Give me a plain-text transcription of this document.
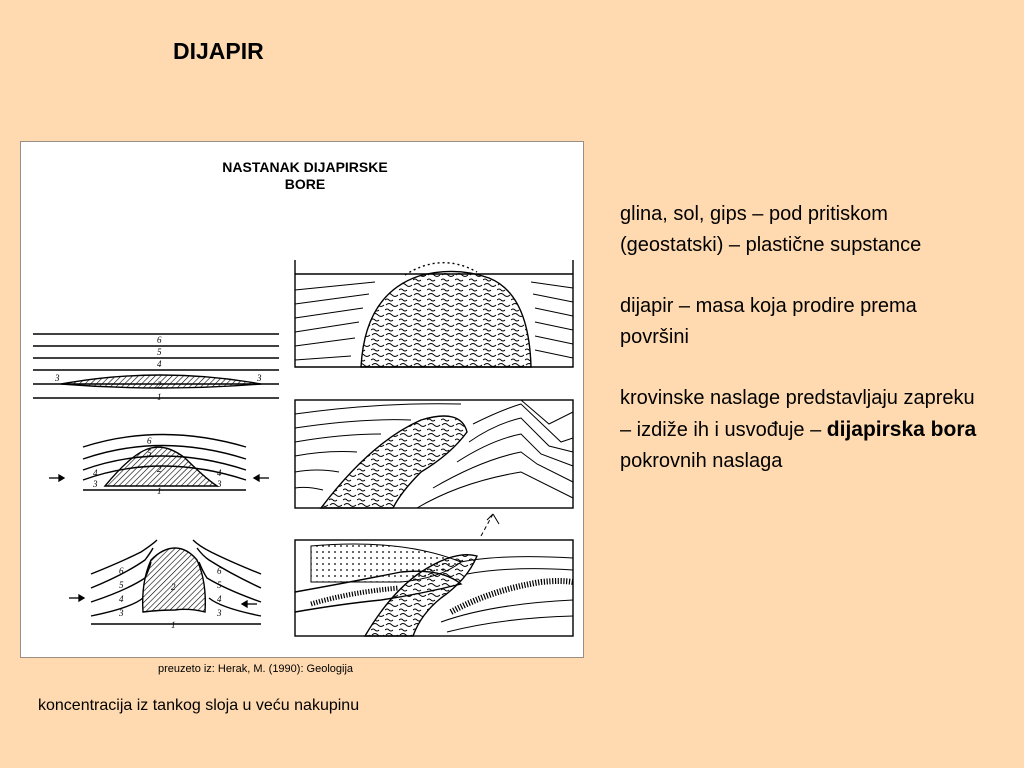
DIJAPIR
NASTANAK DIJAPIRSKE
BORE
6
5
4
3
2
3
1
6
5
4
3
2	4
3
1
6
5
4
3
2
6
5
4
3
1
preuzeto iz: Herak, M. (1990): Geologija
koncentracija iz tankog sloja u veću nakupinu

glina, sol, gips – pod pritiskom (geostatski) – plastične supstance

dijapir – masa koja prodire prema površini

krovinske naslage predstavljaju zapreku – izdiže ih i usvođuje – dijapirska bora pokrovnih naslaga
